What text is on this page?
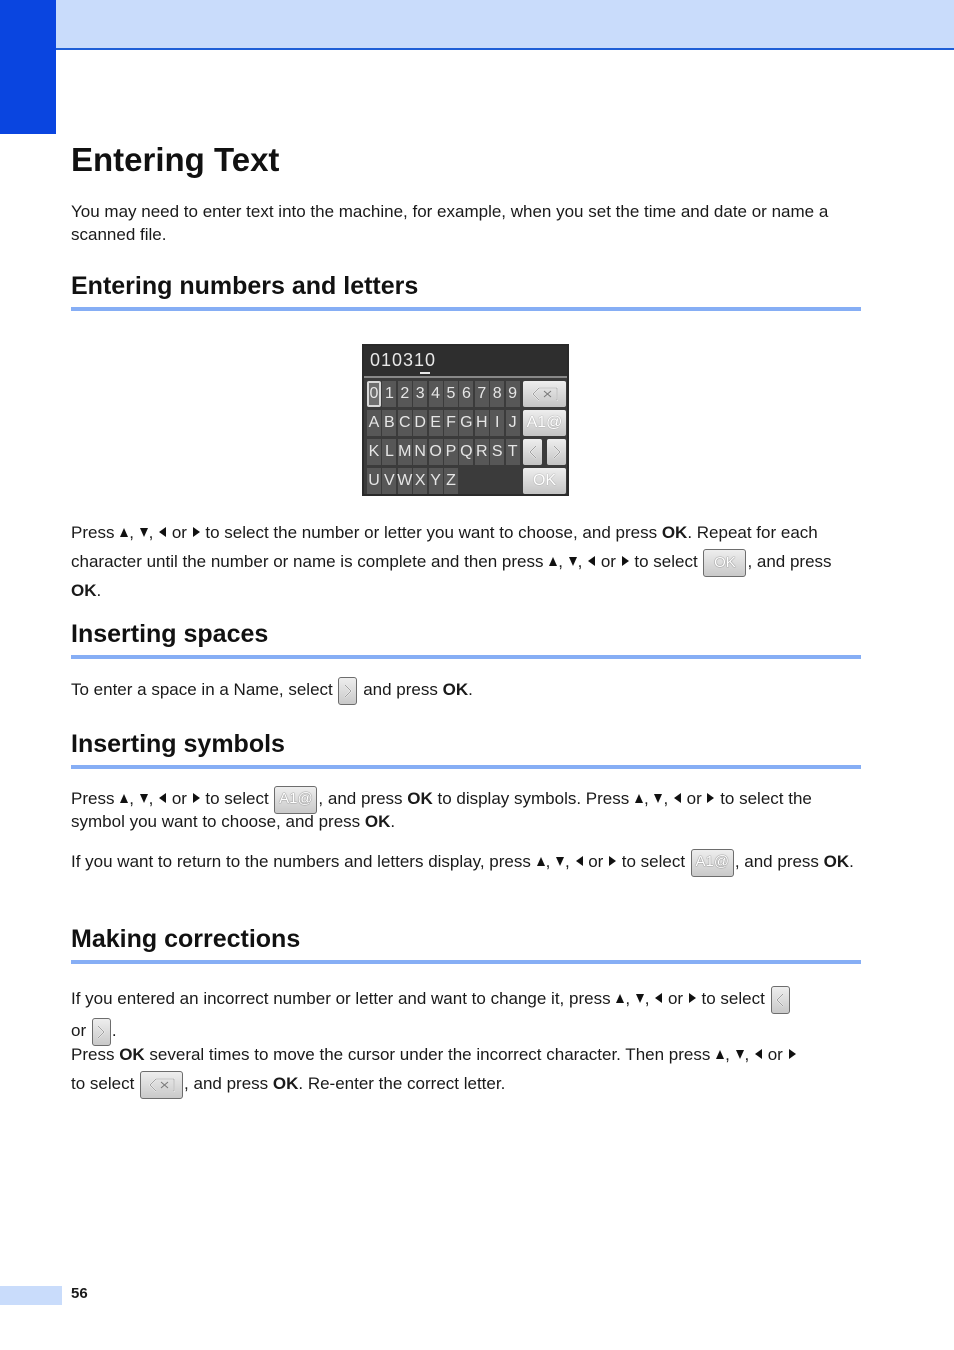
Entering Text

You may need to enter text into the machine, for example, when you set the time and date or name a scanned file.

Entering numbers and letters

Press , ,  or  to select the number or letter you want to choose, and press OK. Repeat for each character until the number or name is complete and then press , ,  or  to select OK , and press OK.

Inserting spaces

To enter a space in a Name, select
and press OK.

Inserting symbols

Press , ,  or  to select A1@ , and press OK to display symbols. Press , ,  or  to select the symbol you want to choose, and press OK.

If you want to return to the numbers and letters display, press , ,  or  to select A1@ , and press OK.

Making corrections

If you entered an incorrect number or letter and want to change it, press , ,  or  to select

or
.

Press OK several times to move the cursor under the incorrect character. Then press , ,  or
to select	, and press OK. Re-enter the correct letter.

010310
0 1 2 3 4 5 6 7 8 9
A B C D E F G H I J
K L M N O P Q R S T
U V W X Y Z
A1@
OK
56
